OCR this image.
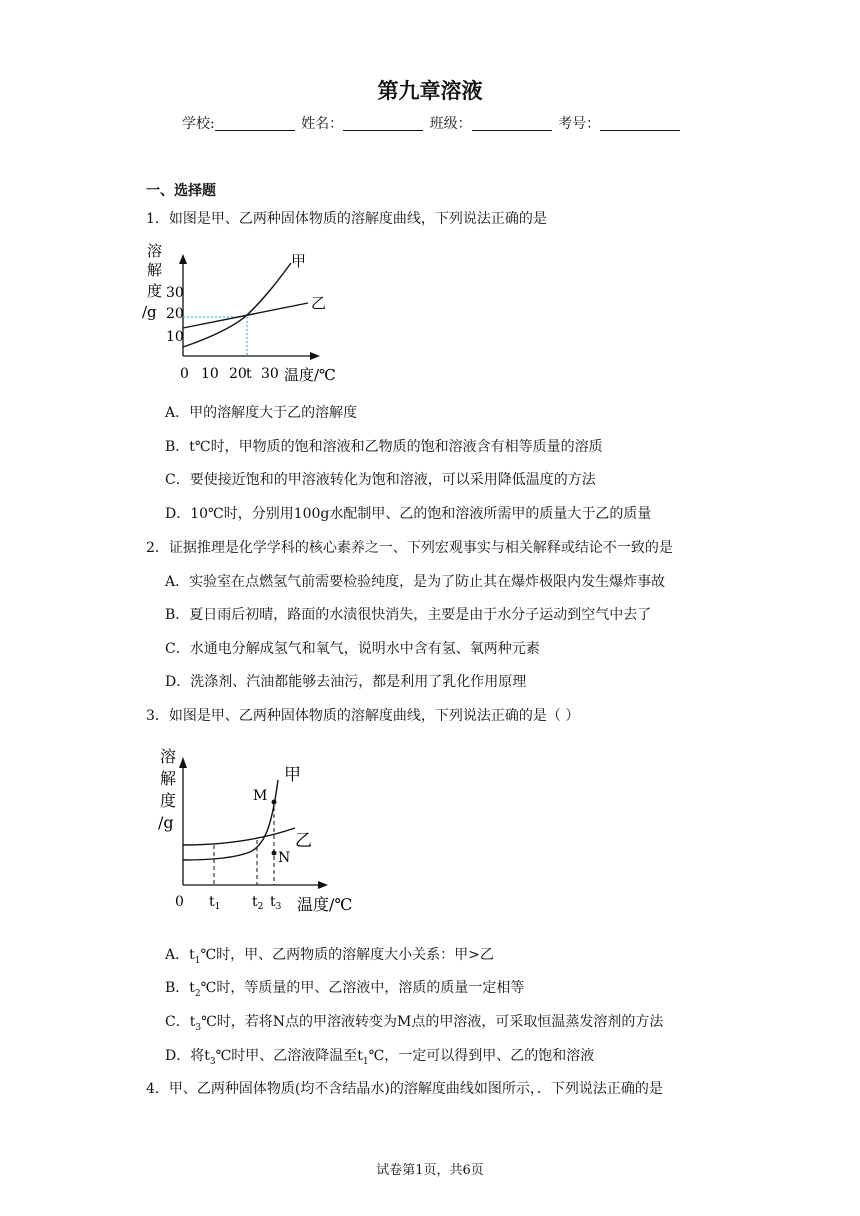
第九章溶液
学校:	姓名：	班级：	考号：
一、选择题
1．如图是甲、乙两种固体物质的溶解度曲线，下列说法正确的是
溶
解
度
/g
30
20
10
甲
乙
0 10 20 t 30 温度/℃
A．甲的溶解度大于乙的溶解度
B．t℃时，甲物质的饱和溶液和乙物质的饱和溶液含有相等质量的溶质
C．要使接近饱和的甲溶液转化为饱和溶液，可以采用降低温度的方法
D．10℃时，分别用100g水配制甲、乙的饱和溶液所需甲的质量大于乙的质量
2．证据推理是化学学科的核心素养之一、下列宏观事实与相关解释或结论不一致的是
A．实验室在点燃氢气前需要检验纯度，是为了防止其在爆炸极限内发生爆炸事故
B．夏日雨后初晴，路面的水渍很快消失，主要是由于水分子运动到空气中去了
C．水通电分解成氢气和氧气，说明水中含有氢、氧两种元素
D．洗涤剂、汽油都能够去油污，都是利用了乳化作用原理
3．如图是甲、乙两种固体物质的溶解度曲线，下列说法正确的是（ ）
溶
解
度
/g
M
N
甲
乙
0 $t_1$ $t_2$ $t_3$ 温度/℃
A．$t_1℃$时，甲、乙两物质的溶解度大小关系：甲>乙
B．$t_2℃$时，等质量的甲、乙溶液中，溶质的质量一定相等
C．$t_3℃$时，若将N点的甲溶液转变为M点的甲溶液，可采取恒温蒸发溶剂的方法
D．将$t_3℃$时甲、乙溶液降温至$t_1℃$，一定可以得到甲、乙的饱和溶液
4．甲、乙两种固体物质(均不含结晶水)的溶解度曲线如图所示，．下列说法正确的是
试卷第1页，共6页
